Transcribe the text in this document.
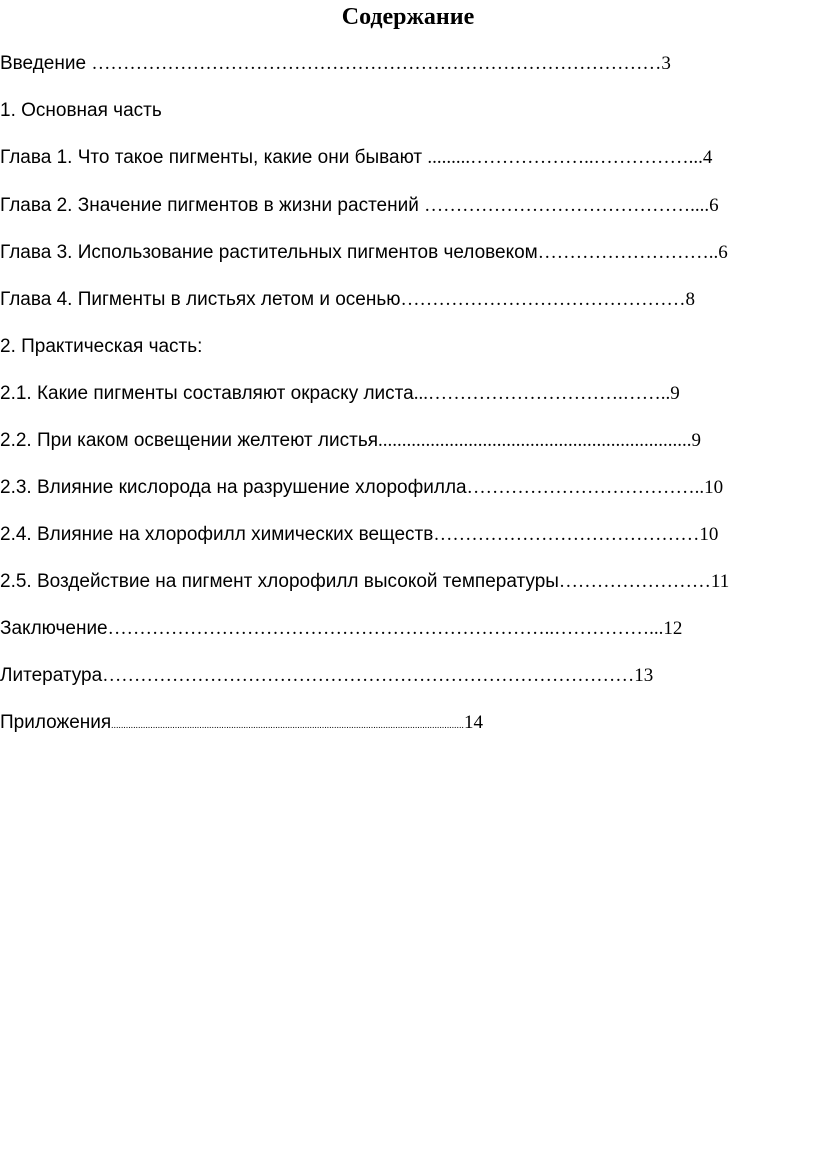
Содержание
Введение ………………………………………………………………………………3
1. Основная часть
Глава 1. Что такое пигменты, какие они бывают .........………………..……………...4
Глава 2. Значение пигментов в жизни растений ……………………………………....6
Глава 3. Использование растительных пигментов человеком………………………..6
Глава 4. Пигменты в листьях летом и осенью………………………………………8
2. Практическая часть:
2.1. Какие пигменты составляют окраску листа...………………………….……..9
2.2. При каком освещении желтеют листья..................................................................9
2.3. Влияние кислорода на разрушение хлорофилла………………………………..10
2.4. Влияние на хлорофилл химических веществ……………………………………10
2.5. Воздействие на пигмент хлорофилл высокой температуры……………………11
Заключение……………………………………………………………..……………...12
Литература…………………………………………………………………………13
Приложения................................................................................................................................................14
